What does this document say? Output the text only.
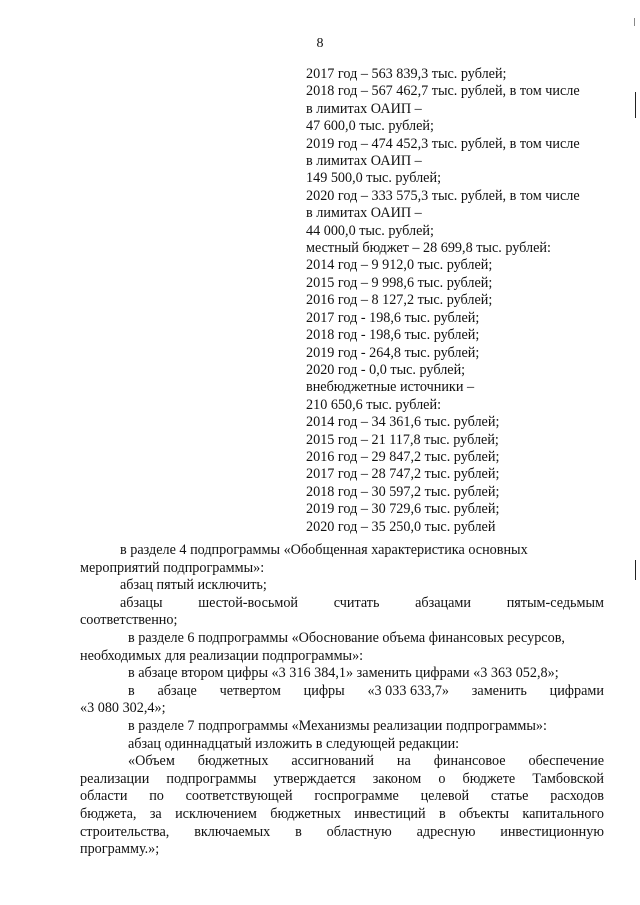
8
2017 год – 563 839,3 тыс. рублей;
2018 год – 567 462,7 тыс. рублей, в том числе
в лимитах ОАИП –
47 600,0 тыс. рублей;
2019 год – 474 452,3 тыс. рублей, в том числе
в лимитах ОАИП –
149 500,0 тыс. рублей;
2020 год – 333 575,3 тыс. рублей, в том числе
в лимитах ОАИП –
44 000,0 тыс. рублей;
местный бюджет – 28 699,8 тыс. рублей:
2014 год – 9 912,0 тыс. рублей;
2015 год – 9 998,6 тыс. рублей;
2016 год – 8 127,2 тыс. рублей;
2017 год - 198,6 тыс. рублей;
2018 год - 198,6 тыс. рублей;
2019 год - 264,8 тыс. рублей;
2020 год - 0,0 тыс. рублей;
внебюджетные источники –
210 650,6 тыс. рублей:
2014 год – 34 361,6 тыс. рублей;
2015 год – 21 117,8 тыс. рублей;
2016 год – 29 847,2 тыс. рублей;
2017 год – 28 747,2 тыс. рублей;
2018 год – 30 597,2 тыс. рублей;
2019 год – 30 729,6 тыс. рублей;
2020 год – 35 250,0 тыс. рублей
в разделе 4 подпрограммы «Обобщенная характеристика основных
мероприятий подпрограммы»:
абзац пятый исключить;
абзацы	шестой-восьмой	считать	абзацами	пятым-седьмым
соответственно;
в разделе 6 подпрограммы «Обоснование объема финансовых ресурсов,
необходимых для реализации подпрограммы»:
в абзаце втором цифры «3 316 384,1» заменить цифрами «3 363 052,8»;
в абзаце четвертом цифры «3 033 633,7» заменить цифрами
«3 080 302,4»;
в разделе 7 подпрограммы «Механизмы реализации подпрограммы»:
абзац одиннадцатый изложить в следующей редакции:
«Объем бюджетных ассигнований на финансовое обеспечение
реализации подпрограммы утверждается законом о бюджете Тамбовской
области по соответствующей госпрограмме целевой статье расходов
бюджета, за исключением бюджетных инвестиций в объекты капитального
строительства, включаемых в областную адресную инвестиционную
программу.»;
